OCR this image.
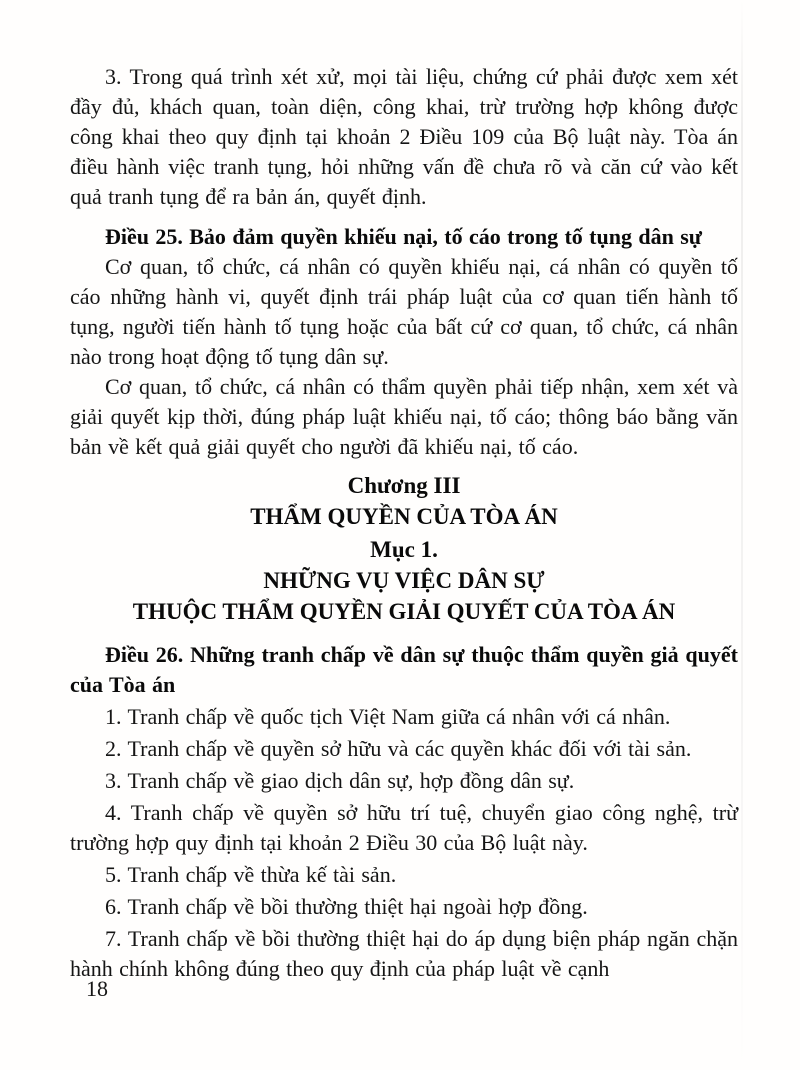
3. Trong quá trình xét xử, mọi tài liệu, chứng cứ phải được xem xét đầy đủ, khách quan, toàn diện, công khai, trừ trường hợp không được công khai theo quy định tại khoản 2 Điều 109 của Bộ luật này. Tòa án điều hành việc tranh tụng, hỏi những vấn đề chưa rõ và căn cứ vào kết quả tranh tụng để ra bản án, quyết định.

Điều 25. Bảo đảm quyền khiếu nại, tố cáo trong tố tụng dân sự

Cơ quan, tổ chức, cá nhân có quyền khiếu nại, cá nhân có quyền tố cáo những hành vi, quyết định trái pháp luật của cơ quan tiến hành tố tụng, người tiến hành tố tụng hoặc của bất cứ cơ quan, tổ chức, cá nhân nào trong hoạt động tố tụng dân sự.

Cơ quan, tổ chức, cá nhân có thẩm quyền phải tiếp nhận, xem xét và giải quyết kịp thời, đúng pháp luật khiếu nại, tố cáo; thông báo bằng văn bản về kết quả giải quyết cho người đã khiếu nại, tố cáo.

Chương III
THẨM QUYỀN CỦA TÒA ÁN
Mục 1.
NHỮNG VỤ VIỆC DÂN SỰ
THUỘC THẨM QUYỀN GIẢI QUYẾT CỦA TÒA ÁN

Điều 26. Những tranh chấp về dân sự thuộc thẩm quyền giả quyết của Tòa án

1. Tranh chấp về quốc tịch Việt Nam giữa cá nhân với cá nhân.

2. Tranh chấp về quyền sở hữu và các quyền khác đối với tài sản.

3. Tranh chấp về giao dịch dân sự, hợp đồng dân sự.

4. Tranh chấp về quyền sở hữu trí tuệ, chuyển giao công nghệ, trừ trường hợp quy định tại khoản 2 Điều 30 của Bộ luật này.

5. Tranh chấp về thừa kế tài sản.

6. Tranh chấp về bồi thường thiệt hại ngoài hợp đồng.

7. Tranh chấp về bồi thường thiệt hại do áp dụng biện pháp ngăn chặn hành chính không đúng theo quy định của pháp luật về cạnh

18
